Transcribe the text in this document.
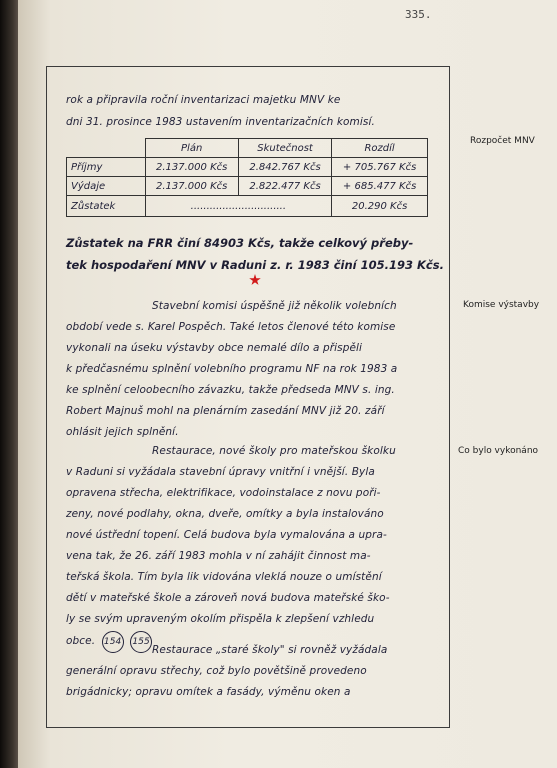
335.
rok a připravila roční inventarizaci majetku MNV ke
dni 31. prosince 1983 ustavením inventarizačních komisí.
	Plán	Skutečnost	Rozdíl
Příjmy	2.137.000 Kčs	2.842.767 Kčs	+ 705.767 Kčs
Výdaje	2.137.000 Kčs	2.822.477 Kčs	+ 685.477 Kčs
Zůstatek	..............................		20.290 Kčs
Zůstatek na FRR činí 84903 Kčs, takže celkový přeby-
tek hospodaření MNV v Raduni z. r. 1983 činí 105.193 Kčs.
Stavební komisi úspěšně již několik volebních
období vede s. Karel Pospěch. Také letos členové této komise
vykonali na úseku výstavby obce nemalé dílo a přispěli
k předčasnému splnění volebního programu NF na rok 1983 a
ke splnění celoobecního závazku, takže předseda MNV s. ing.
Robert Majnuš mohl na plenárním zasedání MNV již 20. září
ohlásit jejich splnění.
Restaurace, nové školy pro mateřskou školku
v Raduni si vyžádala stavební úpravy vnitřní i vnější. Byla
opravena střecha, elektrifikace, vodoinstalace z novu poři-
zeny, nové podlahy, okna, dveře, omítky a byla instalováno
nové ústřední topení. Celá budova byla vymalována a upra-
vena tak, že 26. září 1983 mohla v ní zahájit činnost ma-
teřská škola. Tím byla lik vidována vleklá nouze o umístění
dětí v mateřské škole a zároveň nová budova mateřské ško-
ly se svým upraveným okolím přispěla k zlepšení vzhledu
obce. 154 155
Restaurace „staré školy" si rovněž vyžádala
generální opravu střechy, což bylo povětšině provedeno
brigádnicky; opravu omítek a fasády, výměnu oken a
Rozpočet MNV
Komise výstavby
Co bylo vykonáno
